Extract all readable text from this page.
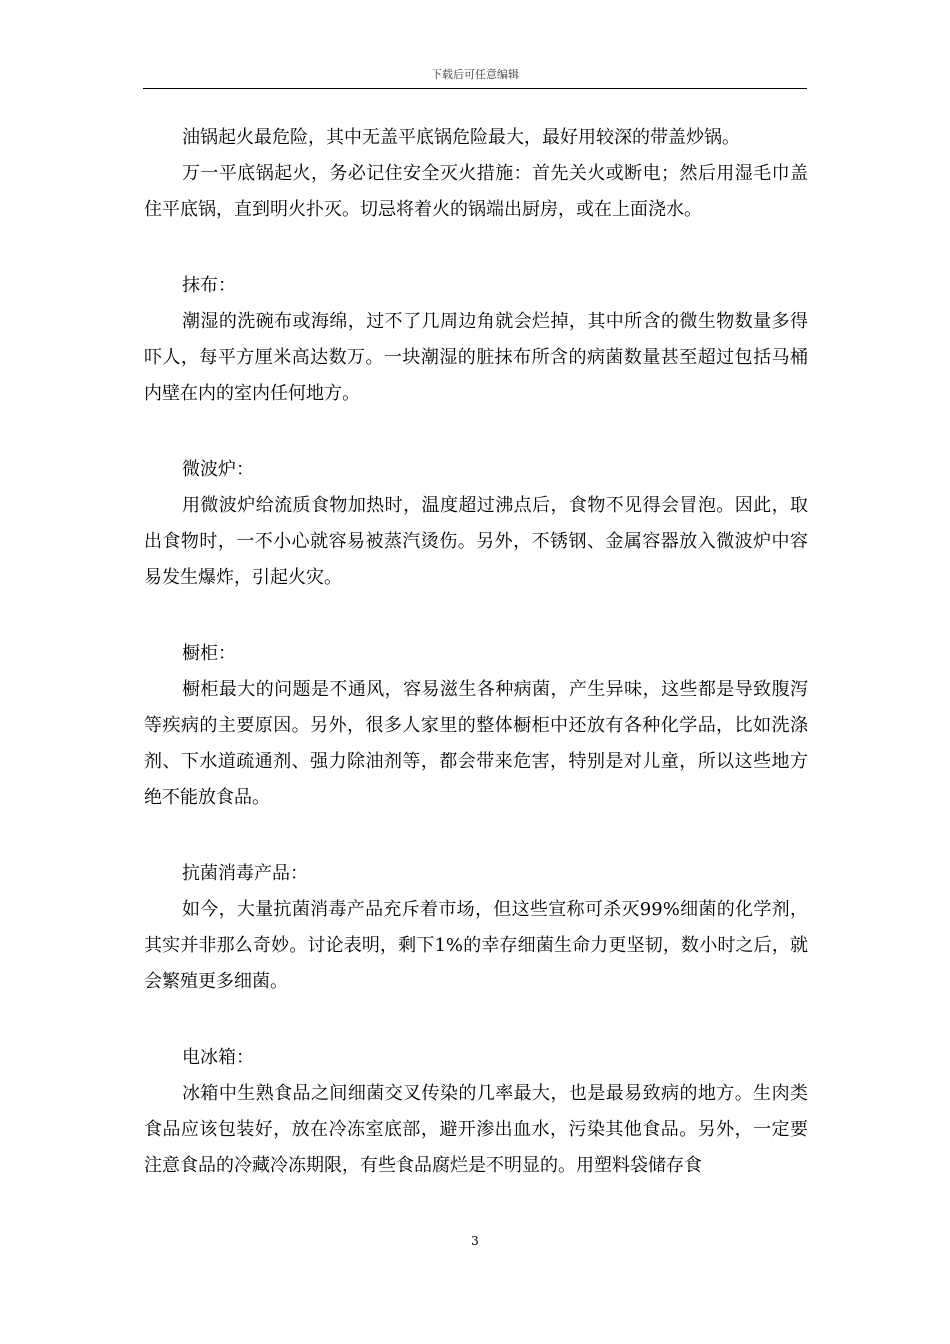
下载后可任意编辑

油锅起火最危险，其中无盖平底锅危险最大，最好用较深的带盖炒锅。

万一平底锅起火，务必记住安全灭火措施：首先关火或断电；然后用湿毛巾盖住平底锅，直到明火扑灭。切忌将着火的锅端出厨房，或在上面浇水。

抹布：

潮湿的洗碗布或海绵，过不了几周边角就会烂掉，其中所含的微生物数量多得吓人，每平方厘米高达数万。一块潮湿的脏抹布所含的病菌数量甚至超过包括马桶内壁在内的室内任何地方。

微波炉：

用微波炉给流质食物加热时，温度超过沸点后，食物不见得会冒泡。因此，取出食物时，一不小心就容易被蒸汽烫伤。另外，不锈钢、金属容器放入微波炉中容易发生爆炸，引起火灾。

橱柜：

橱柜最大的问题是不通风，容易滋生各种病菌，产生异味，这些都是导致腹泻等疾病的主要原因。另外，很多人家里的整体橱柜中还放有各种化学品，比如洗涤剂、下水道疏通剂、强力除油剂等，都会带来危害，特别是对儿童，所以这些地方绝不能放食品。

抗菌消毒产品：

如今，大量抗菌消毒产品充斥着市场，但这些宣称可杀灭99%细菌的化学剂，其实并非那么奇妙。讨论表明，剩下1%的幸存细菌生命力更坚韧，数小时之后，就会繁殖更多细菌。

电冰箱：

冰箱中生熟食品之间细菌交叉传染的几率最大，也是最易致病的地方。生肉类食品应该包装好，放在冷冻室底部，避开渗出血水，污染其他食品。另外，一定要注意食品的冷藏冷冻期限，有些食品腐烂是不明显的。用塑料袋储存食

3
